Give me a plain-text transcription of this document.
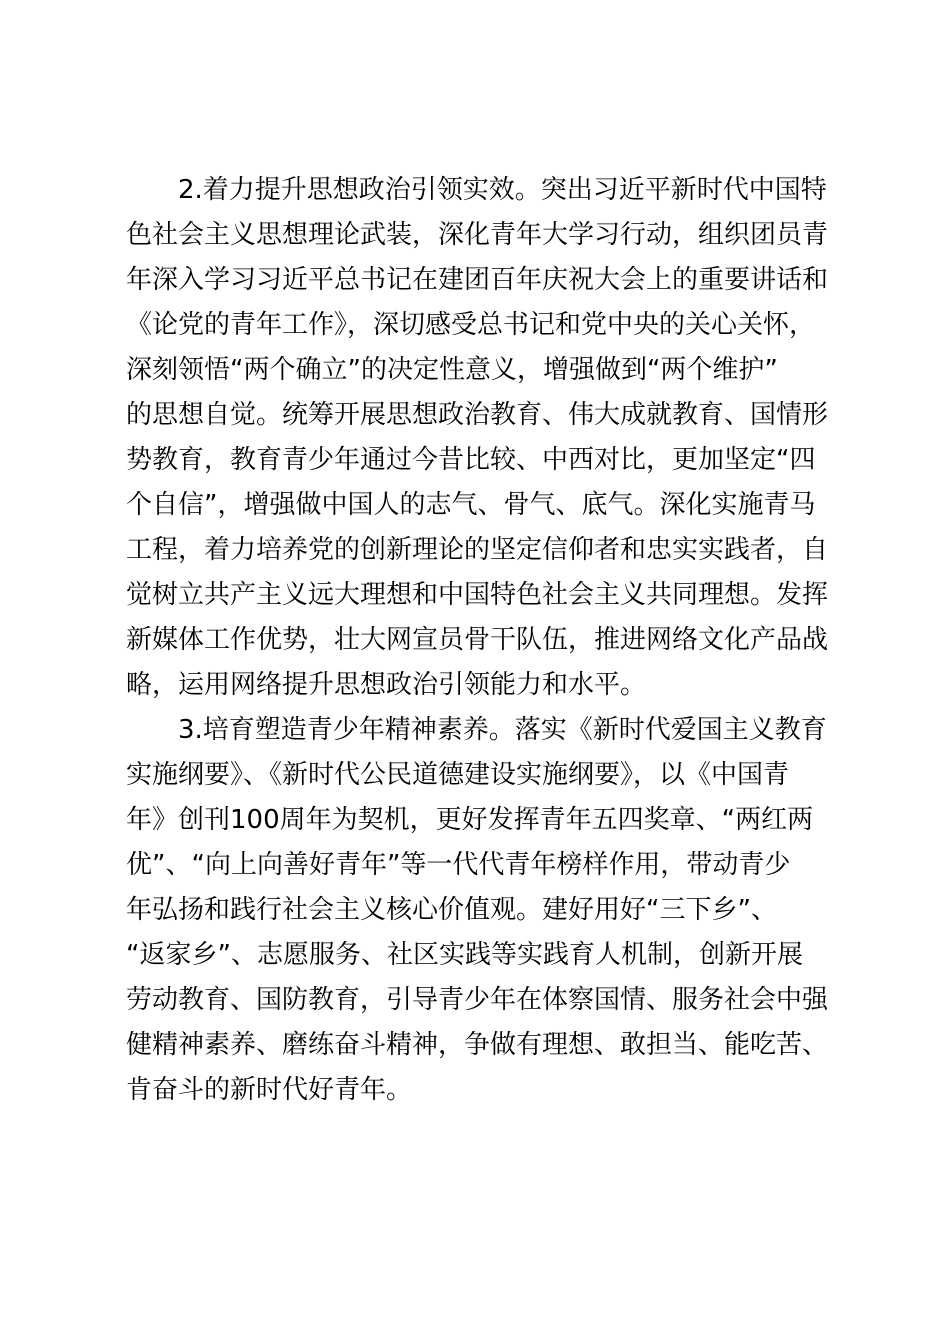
2.着力提升思想政治引领实效。突出习近平新时代中国特
色社会主义思想理论武装，深化青年大学习行动，组织团员青
年深入学习习近平总书记在建团百年庆祝大会上的重要讲话和
《论党的青年工作》，深切感受总书记和党中央的关心关怀，
深刻领悟“两个确立”的决定性意义，增强做到“两个维护”
的思想自觉。统筹开展思想政治教育、伟大成就教育、国情形
势教育，教育青少年通过今昔比较、中西对比，更加坚定“四
个自信”，增强做中国人的志气、骨气、底气。深化实施青马
工程，着力培养党的创新理论的坚定信仰者和忠实实践者，自
觉树立共产主义远大理想和中国特色社会主义共同理想。发挥
新媒体工作优势，壮大网宣员骨干队伍，推进网络文化产品战
略，运用网络提升思想政治引领能力和水平。
3.培育塑造青少年精神素养。落实《新时代爱国主义教育
实施纲要》、《新时代公民道德建设实施纲要》，以《中国青
年》创刊100周年为契机，更好发挥青年五四奖章、“两红两
优”、“向上向善好青年”等一代代青年榜样作用，带动青少
年弘扬和践行社会主义核心价值观。建好用好“三下乡”、
“返家乡”、志愿服务、社区实践等实践育人机制，创新开展
劳动教育、国防教育，引导青少年在体察国情、服务社会中强
健精神素养、磨练奋斗精神，争做有理想、敢担当、能吃苦、
肯奋斗的新时代好青年。
